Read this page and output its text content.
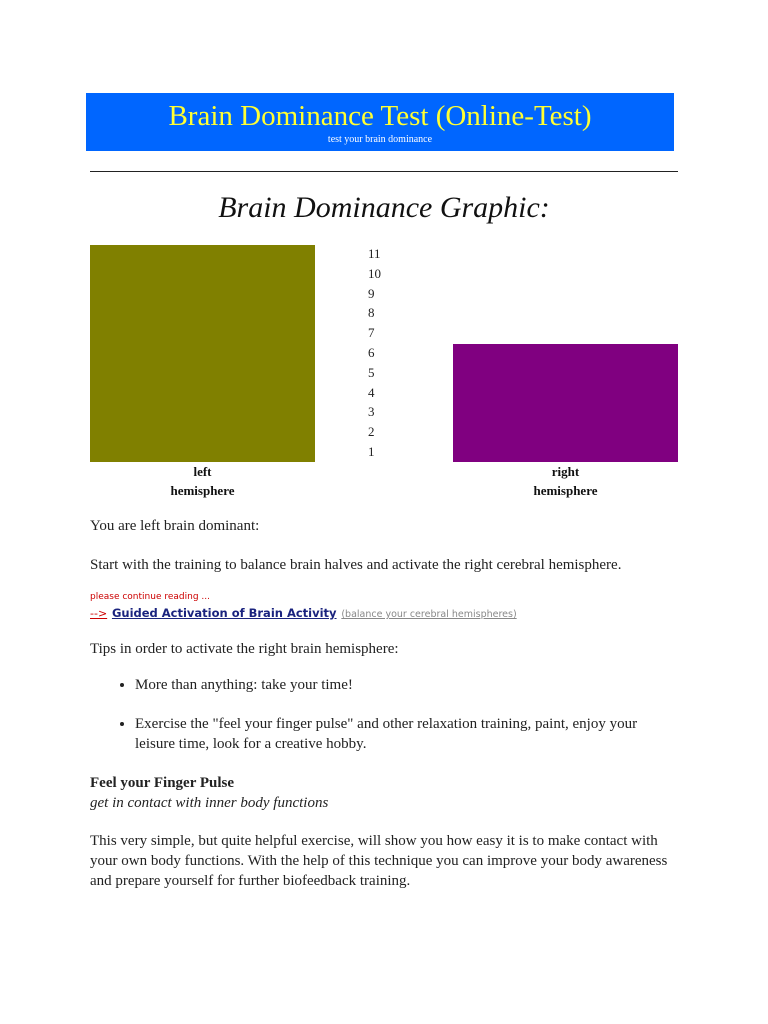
Brain Dominance Test (Online-Test)
test your brain dominance
Brain Dominance Graphic:
11
10
9
8
7
6
5
4
3
2
1
left
hemisphere
right
hemisphere

You are left brain dominant:

Start with the training to balance brain halves and activate the right cerebral hemisphere.

please continue reading ...
--> Guided Activation of Brain Activity (balance your cerebral hemispheres)

Tips in order to activate the right brain hemisphere:

• More than anything: take your time!
• Exercise the "feel your finger pulse" and other relaxation training, paint, enjoy your leisure time, look for a creative hobby.

Feel your Finger Pulse

get in contact with inner body functions

This very simple, but quite helpful exercise, will show you how easy it is to make contact with your own body functions. With the help of this technique you can improve your body awareness and prepare yourself for further biofeedback training.
